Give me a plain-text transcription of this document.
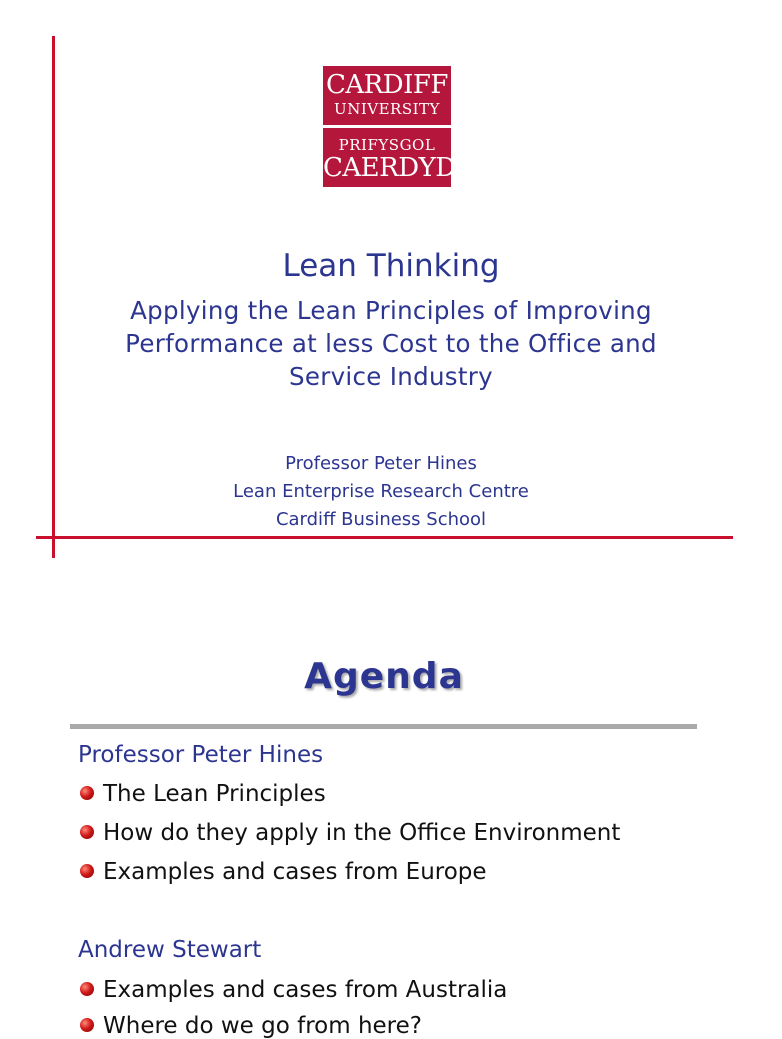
CARDIFF
UNIVERSITY
PRIFYSGOL
CAERDYDD
Lean Thinking
Applying the Lean Principles of Improving Performance at less Cost to the Office and Service Industry
Professor Peter Hines
Lean Enterprise Research Centre
Cardiff Business School
Agenda
Professor Peter Hines
The Lean Principles
How do they apply in the Office Environment
Examples and cases from Europe
Andrew Stewart
Examples and cases from Australia
Where do we go from here?
